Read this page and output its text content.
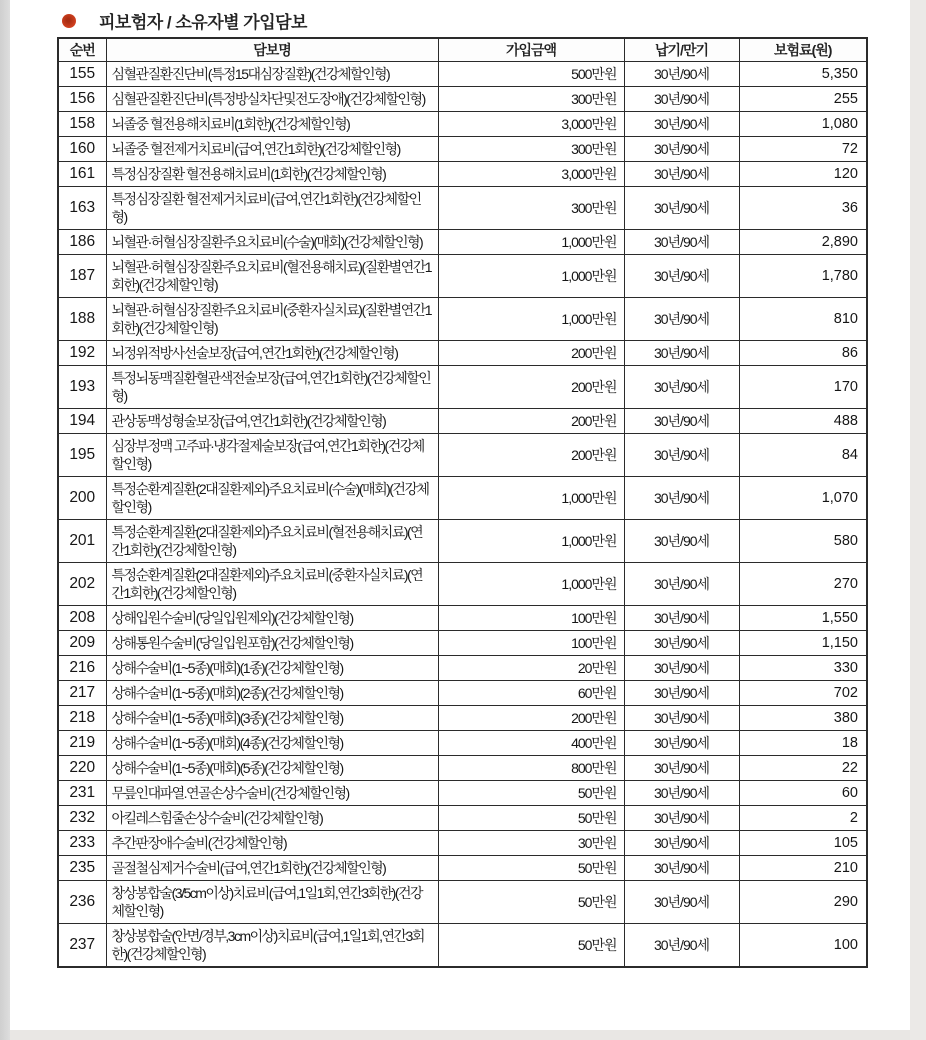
피보험자 / 소유자별 가입담보
순번	담보명	가입금액	납기/만기	보험료(원)
155	심혈관질환진단비(특정15대심장질환)(건강체할인형)	500만원	30년/90세	5,350
156	심혈관질환진단비(특정방실차단및전도장애)(건강체할인형)	300만원	30년/90세	255
158	뇌졸중 혈전용해치료비(1회한)(건강체할인형)	3,000만원	30년/90세	1,080
160	뇌졸중 혈전제거치료비(급여,연간1회한)(건강체할인형)	300만원	30년/90세	72
161	특정심장질환 혈전용해치료비(1회한)(건강체할인형)	3,000만원	30년/90세	120
163	특정심장질환 혈전제거치료비(급여,연간1회한)(건강체할인형)	300만원	30년/90세	36
186	뇌혈관·허혈심장질환주요치료비(수술)(매회)(건강체할인형)	1,000만원	30년/90세	2,890
187	뇌혈관·허혈심장질환주요치료비(혈전용해치료)(질환별연간1회한)(건강체할인형)	1,000만원	30년/90세	1,780
188	뇌혈관·허혈심장질환주요치료비(중환자실치료)(질환별연간1회한)(건강체할인형)	1,000만원	30년/90세	810
192	뇌정위적방사선술보장(급여,연간1회한)(건강체할인형)	200만원	30년/90세	86
193	특정뇌동맥질환혈관색전술보장(급여,연간1회한)(건강체할인형)	200만원	30년/90세	170
194	관상동맥성형술보장(급여,연간1회한)(건강체할인형)	200만원	30년/90세	488
195	심장부정맥 고주파·냉각절제술보장(급여,연간1회한)(건강체할인형)	200만원	30년/90세	84
200	특정순환계질환(2대질환제외)주요치료비(수술)(매회)(건강체할인형)	1,000만원	30년/90세	1,070
201	특정순환계질환(2대질환제외)주요치료비(혈전용해치료)(연간1회한)(건강체할인형)	1,000만원	30년/90세	580
202	특정순환계질환(2대질환제외)주요치료비(중환자실치료)(연간1회한)(건강체할인형)	1,000만원	30년/90세	270
208	상해입원수술비(당일입원제외)(건강체할인형)	100만원	30년/90세	1,550
209	상해통원수술비(당일입원포함)(건강체할인형)	100만원	30년/90세	1,150
216	상해수술비(1~5종)(매회)(1종)(건강체할인형)	20만원	30년/90세	330
217	상해수술비(1~5종)(매회)(2종)(건강체할인형)	60만원	30년/90세	702
218	상해수술비(1~5종)(매회)(3종)(건강체할인형)	200만원	30년/90세	380
219	상해수술비(1~5종)(매회)(4종)(건강체할인형)	400만원	30년/90세	18
220	상해수술비(1~5종)(매회)(5종)(건강체할인형)	800만원	30년/90세	22
231	무릎인대파열.연골손상수술비(건강체할인형)	50만원	30년/90세	60
232	아킬레스힘줄손상수술비(건강체할인형)	50만원	30년/90세	2
233	추간판장애수술비(건강체할인형)	30만원	30년/90세	105
235	골절철심제거수술비(급여,연간1회한)(건강체할인형)	50만원	30년/90세	210
236	창상봉합술(3/5cm이상)치료비(급여,1일1회,연간3회한)(건강체할인형)	50만원	30년/90세	290
237	창상봉합술(안면/경부,3cm이상)치료비(급여,1일1회,연간3회한)(건강체할인형)	50만원	30년/90세	100
